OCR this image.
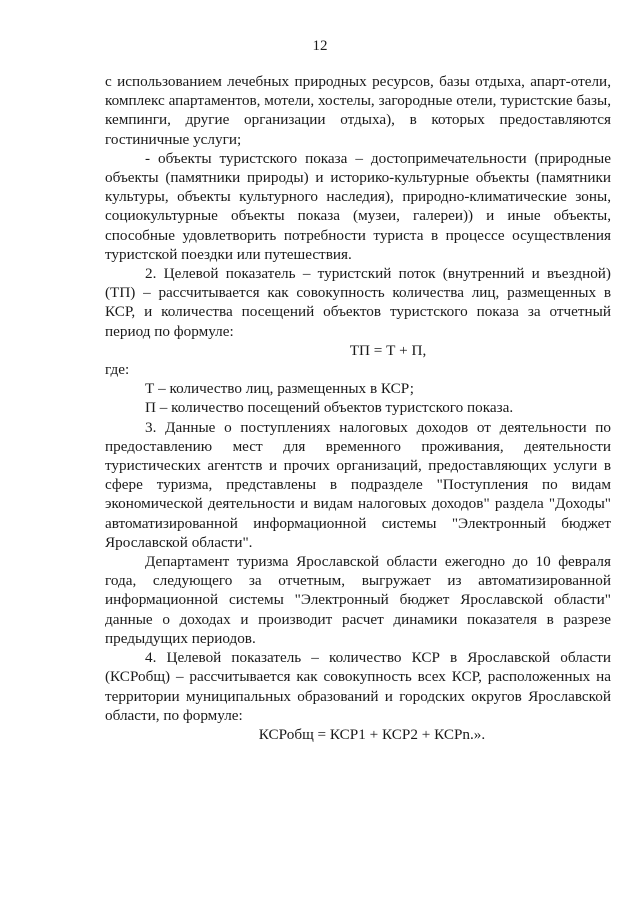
12

с использованием лечебных природных ресурсов, базы отдыха, апарт-отели, комплекс апартаментов, мотели, хостелы, загородные отели, туристские базы, кемпинги, другие организации отдыха), в которых предоставляются гостиничные услуги;

- объекты туристского показа – достопримечательности (природные объекты (памятники природы) и историко-культурные объекты (памятники культуры, объекты культурного наследия), природно-климатические зоны, социокультурные объекты показа (музеи, галереи)) и иные объекты, способные удовлетворить потребности туриста в процессе осуществления туристской поездки или путешествия.

2. Целевой показатель – туристский поток (внутренний и въездной) (ТП) – рассчитывается как совокупность количества лиц, размещенных в КСР, и количества посещений объектов туристского показа за отчетный период по формуле:

ТП = Т + П,

где:

Т – количество лиц, размещенных в КСР;

П – количество посещений объектов туристского показа.

3. Данные о поступлениях налоговых доходов от деятельности по предоставлению мест для временного проживания, деятельности туристических агентств и прочих организаций, предоставляющих услуги в сфере туризма, представлены в подразделе "Поступления по видам экономической деятельности и видам налоговых доходов" раздела "Доходы" автоматизированной информационной системы "Электронный бюджет Ярославской области".

Департамент туризма Ярославской области ежегодно до 10 февраля года, следующего за отчетным, выгружает из автоматизированной информационной системы "Электронный бюджет Ярославской области" данные о доходах и производит расчет динамики показателя в разрезе предыдущих периодов.

4. Целевой показатель – количество КСР в Ярославской области (КСРобщ) – рассчитывается как совокупность всех КСР, расположенных на территории муниципальных образований и городских округов Ярославской области, по формуле:

КСРобщ = КСР1 + КСР2 + КСРn.».
